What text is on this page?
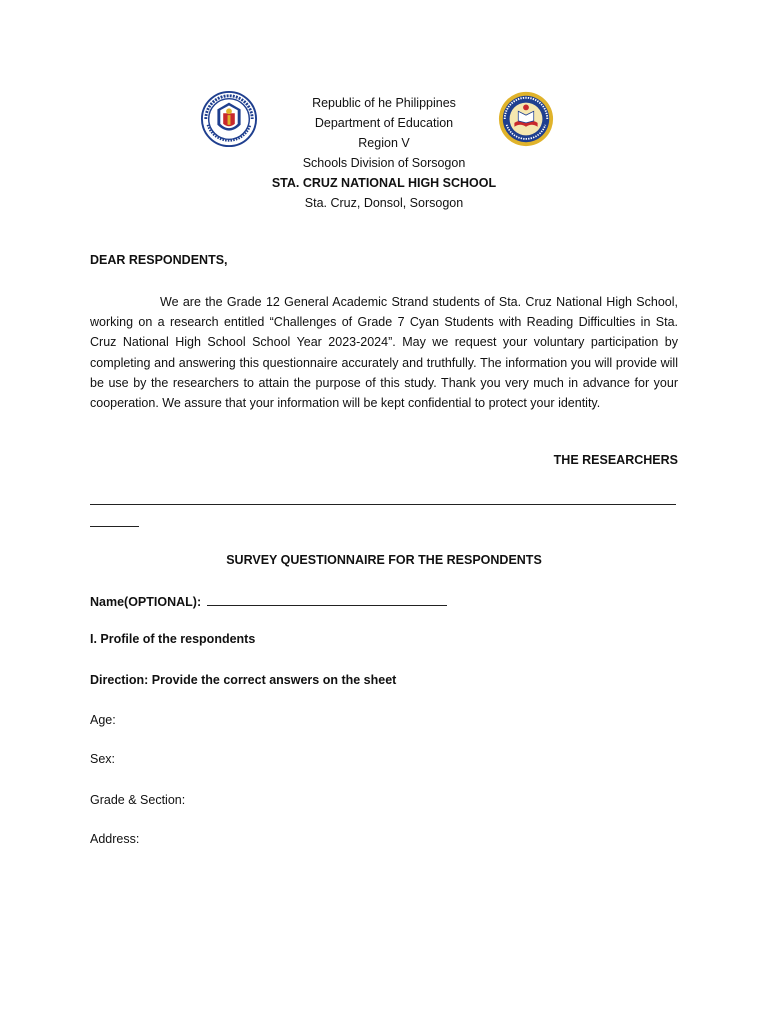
Republic of he Philippines
Department of Education
Region V
Schools Division of Sorsogon
STA. CRUZ NATIONAL HIGH SCHOOL
Sta. Cruz, Donsol, Sorsogon
DEAR RESPONDENTS,
We are the Grade 12 General Academic Strand students of Sta. Cruz National High School, working on a research entitled “Challenges of Grade 7 Cyan Students with Reading Difficulties in Sta. Cruz National High School School Year 2023-2024”. May we request your voluntary participation by completing and answering this questionnaire accurately and truthfully. The information you will provide will be use by the researchers to attain the purpose of this study. Thank you very much in advance for your cooperation. We assure that your information will be kept confidential to protect your identity.
THE RESEARCHERS
SURVEY QUESTIONNAIRE FOR THE RESPONDENTS
Name(OPTIONAL):
I. Profile of the respondents
Direction: Provide the correct answers on the sheet
Age:
Sex:
Grade & Section:
Address:
